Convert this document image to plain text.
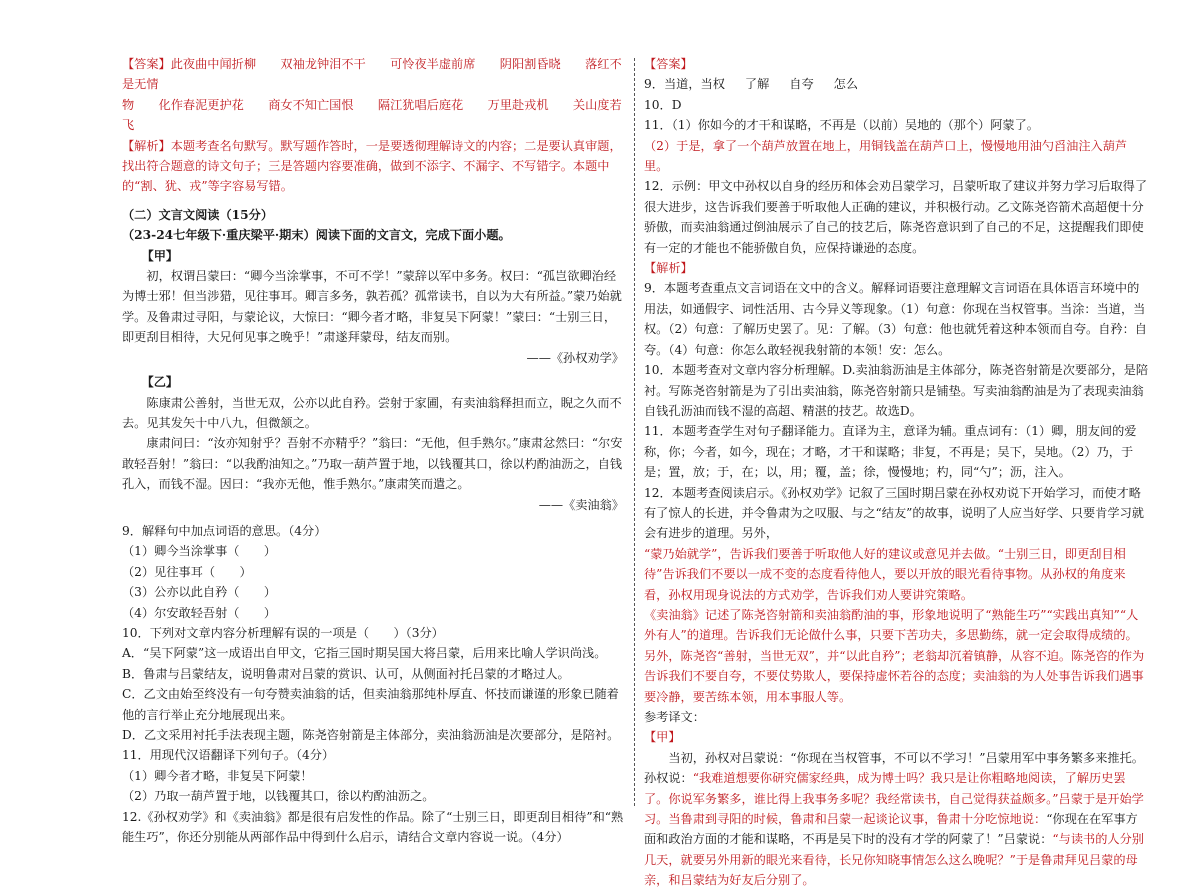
【答案】此夜曲中闻折柳　　双袖龙钟泪不干　　可怜夜半虚前席　　阴阳割昏晓　　落红不是无情

物　　化作春泥更护花　　商女不知亡国恨　　隔江犹唱后庭花　　万里赴戎机　　关山度若飞

【解析】本题考查名句默写。默写题作答时，一是要透彻理解诗文的内容；二是要认真审题，找出符合题意的诗文句子；三是答题内容要准确，做到不添字、不漏字、不写错字。本题中的“割、犹、戎”等字容易写错。

（二）文言文阅读（15分）

（23-24七年级下·重庆梁平·期末）阅读下面的文言文，完成下面小题。

【甲】

初，权谓吕蒙曰：“卿今当涂掌事，不可不学！”蒙辞以军中多务。权曰：“孤岂欲卿治经为博士邪！但当涉猎，见往事耳。卿言多务，孰若孤？孤常读书，自以为大有所益。”蒙乃始就学。及鲁肃过寻阳，与蒙论议，大惊曰：“卿今者才略，非复吴下阿蒙！”蒙曰：“士别三日，即更刮目相待，大兄何见事之晚乎！”肃遂拜蒙母，结友而别。

——《孙权劝学》

【乙】

陈康肃公善射，当世无双，公亦以此自矜。尝射于家圃，有卖油翁释担而立，睨之久而不去。见其发矢十中八九，但微颔之。

康肃问曰：“汝亦知射乎？吾射不亦精乎？”翁曰：“无他，但手熟尔。”康肃忿然曰：“尔安敢轻吾射！”翁曰：“以我酌油知之。”乃取一葫芦置于地，以钱覆其口，徐以杓酌油沥之，自钱孔入，而钱不湿。因曰：“我亦无他，惟手熟尔。”康肃笑而遣之。

——《卖油翁》

9．解释句中加点词语的意思。（4分）

（1）卿今当涂掌事（　　）

（2）见往事耳（　　）

（3）公亦以此自矜（　　）

（4）尔安敢轻吾射（　　）

10．下列对文章内容分析理解有误的一项是（　　）（3分）

A．“吴下阿蒙”这一成语出自甲文，它指三国时期吴国大将吕蒙，后用来比喻人学识尚浅。

B．鲁肃与吕蒙结友，说明鲁肃对吕蒙的赏识、认可，从侧面衬托吕蒙的才略过人。

C．乙文由始至终没有一句夸赞卖油翁的话，但卖油翁那纯朴厚直、怀技而谦谨的形象已随着他的言行举止充分地展现出来。

D．乙文采用衬托手法表现主题，陈尧咨射箭是主体部分，卖油翁沥油是次要部分，是陪衬。

11．用现代汉语翻译下列句子。（4分）

（1）卿今者才略，非复吴下阿蒙！

（2）乃取一葫芦置于地，以钱覆其口，徐以杓酌油沥之。

12.《孙权劝学》和《卖油翁》都是很有启发性的作品。除了“士别三日，即更刮目相待”和“熟能生巧”，你还分别能从两部作品中得到什么启示，请结合文章内容说一说。（4分）

【答案】

9．当道，当权 了解 自夸 怎么

10．D

11．（1）你如今的才干和谋略，不再是（以前）吴地的（那个）阿蒙了。

（2）于是，拿了一个葫芦放置在地上，用铜钱盖在葫芦口上，慢慢地用油勺舀油注入葫芦里。

12．示例：甲文中孙权以自身的经历和体会劝吕蒙学习，吕蒙听取了建议并努力学习后取得了很大进步，这告诉我们要善于听取他人正确的建议，并积极行动。乙文陈尧咨箭术高超便十分骄傲，而卖油翁通过倒油展示了自己的技艺后，陈尧咨意识到了自己的不足，这提醒我们即使有一定的才能也不能骄傲自负，应保持谦逊的态度。

【解析】

9．本题考查重点文言词语在文中的含义。解释词语要注意理解文言词语在具体语言环境中的用法，如通假字、词性活用、古今异义等现象。（1）句意：你现在当权管事。当涂：当道，当权。（2）句意：了解历史罢了。见：了解。（3）句意：他也就凭着这种本领而自夸。自矜：自夸。（4）句意：你怎么敢轻视我射箭的本领！安：怎么。

10．本题考查对文章内容分析理解。D.卖油翁沥油是主体部分，陈尧咨射箭是次要部分，是陪衬。写陈尧咨射箭是为了引出卖油翁，陈尧咨射箭只是铺垫。写卖油翁酌油是为了表现卖油翁自钱孔沥油而钱不湿的高超、精湛的技艺。故选D。

11．本题考查学生对句子翻译能力。直译为主，意译为辅。重点词有：（1）卿，朋友间的爱称，你；今者，如今，现在；才略，才干和谋略；非复，不再是；吴下，吴地。（2）乃，于是；置，放；于，在；以，用；覆，盖；徐，慢慢地；杓，同“勺”；沥，注入。

12．本题考查阅读启示。《孙权劝学》记叙了三国时期吕蒙在孙权劝说下开始学习，而使才略有了惊人的长进，并令鲁肃为之叹服、与之“结友”的故事，说明了人应当好学、只要肯学习就会有进步的道理。另外，
“蒙乃始就学”，告诉我们要善于听取他人好的建议或意见并去做。“士别三日，即更刮目相待”告诉我们不要以一成不变的态度看待他人，要以开放的眼光看待事物。从孙权的角度来看，孙权用现身说法的方式劝学，告诉我们劝人要讲究策略。

《卖油翁》记述了陈尧咨射箭和卖油翁酌油的事，形象地说明了“熟能生巧”“实践出真知”“人外有人”的道理。告诉我们无论做什么事，只要下苦功夫，多思勤练，就一定会取得成绩的。另外，陈尧咨“善射，当世无双”，并“以此自矜”；老翁却沉着镇静，从容不迫。陈尧咨的作为告诉我们不要自夸，不要仗势欺人，要保持虚怀若谷的态度；卖油翁的为人处事告诉我们遇事要冷静，要苦练本领，用本事服人等。

参考译文：

【甲】

当初，孙权对吕蒙说：“你现在当权管事，不可以不学习！”吕蒙用军中事务繁多来推托。孙权说：“我难道想要你研究儒家经典，成为博士吗？我只是让你粗略地阅读，了解历史罢了。你说军务繁多，谁比得上我事务多呢？我经常读书，自己觉得获益颇多。”吕蒙于是开始学习。当鲁肃到寻阳的时候，鲁肃和吕蒙一起谈论议事，鲁肃十分吃惊地说：“你现在在军事方面和政治方面的才能和谋略，不再是吴下时的没有才学的阿蒙了！”吕蒙说：“与读书的人分别几天，就要另外用新的眼光来看待，长兄你知晓事情怎么这么晚呢？”于是鲁肃拜见吕蒙的母亲，和吕蒙结为好友后分别了。
